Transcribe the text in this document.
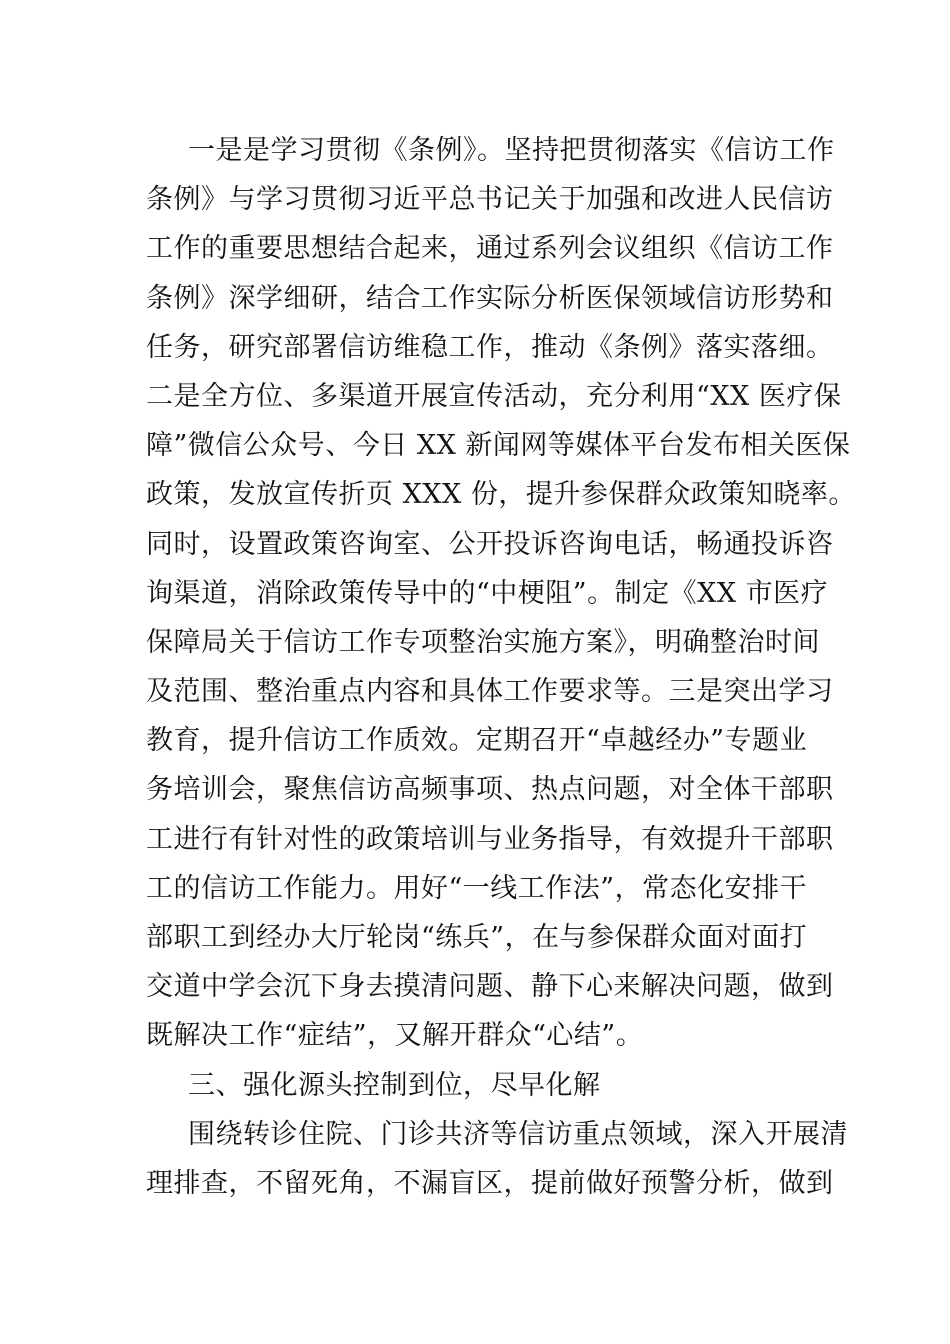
一是是学习贯彻《条例》。坚持把贯彻落实《信访工作
条例》与学习贯彻习近平总书记关于加强和改进人民信访
工作的重要思想结合起来，通过系列会议组织《信访工作
条例》深学细研，结合工作实际分析医保领域信访形势和
任务，研究部署信访维稳工作，推动《条例》落实落细。
二是全方位、多渠道开展宣传活动，充分利用“XX 医疗保
障”微信公众号、今日 XX 新闻网等媒体平台发布相关医保
政策，发放宣传折页 XXX 份，提升参保群众政策知晓率。
同时，设置政策咨询室、公开投诉咨询电话，畅通投诉咨
询渠道，消除政策传导中的“中梗阻”。制定《XX 市医疗
保障局关于信访工作专项整治实施方案》，明确整治时间
及范围、整治重点内容和具体工作要求等。三是突出学习
教育，提升信访工作质效。定期召开“卓越经办”专题业
务培训会，聚焦信访高频事项、热点问题，对全体干部职
工进行有针对性的政策培训与业务指导，有效提升干部职
工的信访工作能力。用好“一线工作法”，常态化安排干
部职工到经办大厅轮岗“练兵”，在与参保群众面对面打
交道中学会沉下身去摸清问题、静下心来解决问题，做到
既解决工作“症结”，又解开群众“心结”。
三、强化源头控制到位，尽早化解
围绕转诊住院、门诊共济等信访重点领域，深入开展清
理排查，不留死角，不漏盲区，提前做好预警分析，做到
